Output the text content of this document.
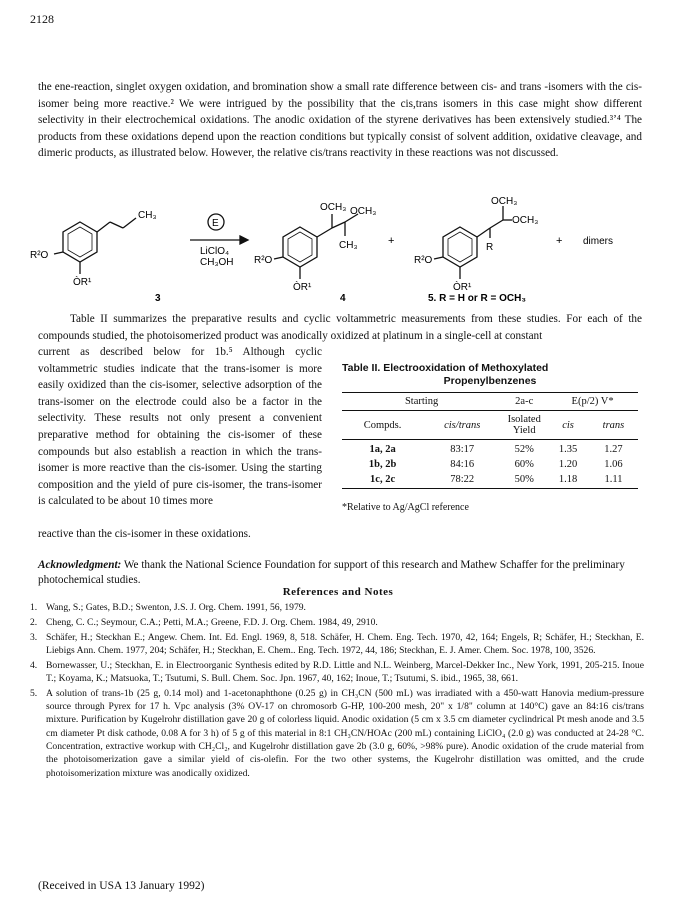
2128
the ene-reaction, singlet oxygen oxidation, and bromination show a small rate difference between cis- and trans -isomers with the cis-isomer being more reactive.² We were intrigued by the possibility that the cis,trans isomers in this case might show different selectivity in their electrochemical oxidations. The anodic oxidation of the styrene derivatives has been extensively studied.³ʼ⁴ The products from these oxidations depend upon the reaction conditions but typically consist of solvent addition, oxidative cleavage, and dimeric products, as illustrated below. However, the relative cis/trans reactivity in these reactions was not discussed.
CH₃
R²O
ÒR¹
E
LiClO₄
CH₃OH
OCH₃ OCH₃
CH₃
R²O
ÒR¹
+
OCH₃
OCH₃
R
R²O
ÒR¹
+ dimers
3	4	5. R = H or R = OCH₃
Table II summarizes the preparative results and cyclic voltammetric measurements from these studies. For each of the compounds studied, the photoisomerized product was anodically oxidized at platinum in a single-cell at constant
current as described below for 1b.⁵ Although cyclic voltammetric studies indicate that the trans-isomer is more easily oxidized than the cis-isomer, selective adsorption of the trans-isomer on the electrode could also be a factor in the selectivity. These results not only present a convenient preparative method for obtaining the cis-isomer of these compounds but also establish a reaction in which the trans-isomer is more reactive than the cis-isomer. Using the starting composition and the yield of pure cis-isomer, the trans-isomer is calculated to be about 10 times more
reactive than the cis-isomer in these oxidations.
Table II. Electrooxidation of Methoxylated
Propenylbenzenes
Starting		2a-c	E(p/2) V*	
Compds.	cis/trans	Isolated Yield	cis	trans
1a, 2a	83:17	52%	1.35	1.27
1b, 2b	84:16	60%	1.20	1.06
1c, 2c	78:22	50%	1.18	1.11
*Relative to Ag/AgCl reference
Acknowledgment: We thank the National Science Foundation for support of this research and Mathew Schaffer for the preliminary photochemical studies.
References and Notes
1. Wang, S.; Gates, B.D.; Swenton, J.S. J. Org. Chem. 1991, 56, 1979.
2. Cheng, C. C.; Seymour, C.A.; Petti, M.A.; Greene, F.D. J. Org. Chem. 1984, 49, 2910.
3. Schäfer, H.; Steckhan E.; Angew. Chem. Int. Ed. Engl. 1969, 8, 518. Schäfer, H. Chem. Eng. Tech. 1970, 42, 164; Engels, R; Schäfer, H.; Steckhan, E. Liebigs Ann. Chem. 1977, 204; Schäfer, H.; Steckhan, E. Chem.. Eng. Tech. 1972, 44, 186; Steckhan, E. J. Amer. Chem. Soc. 1978, 100, 3526.
4. Bornewasser, U.; Steckhan, E. in Electroorganic Synthesis edited by R.D. Little and N.L. Weinberg, Marcel-Dekker Inc., New York, 1991, 205-215. Inoue T.; Koyama, K.; Matsuoka, T.; Tsutumi, S. Bull. Chem. Soc. Jpn. 1967, 40, 162; Inoue, T.; Tsutumi, S. ibid., 1965, 38, 661.
5. A solution of trans-1b (25 g, 0.14 mol) and 1-acetonaphthone (0.25 g) in CH₃CN (500 mL) was irradiated with a 450-watt Hanovia medium-pressure source through Pyrex for 17 h. Vpc analysis (3% OV-17 on chromosorb G-HP, 100-200 mesh, 20" x 1/8" column at 140°C) gave an 84:16 cis/trans mixture. Purification by Kugelrohr distillation gave 20 g of colorless liquid. Anodic oxidation (5 cm x 3.5 cm diameter cyclindrical Pt mesh anode and 3.5 cm diameter Pt disk cathode, 0.08 A for 3 h) of 5 g of this material in 8:1 CH₃CN/HOAc (200 mL) containing LiClO₄ (2.0 g) was conducted at 24-28 °C. Concentration, extractive workup with CH₂Cl₂, and Kugelrohr distillation gave 2b (3.0 g, 60%, >98% pure). Anodic oxidation of the crude material from the photoisomerization gave a similar yield of cis-olefin. For the two other systems, the Kugelrohr distillation was omitted, and the crude photoisomerization mixture was anodically oxidized.
(Received in USA 13 January 1992)
